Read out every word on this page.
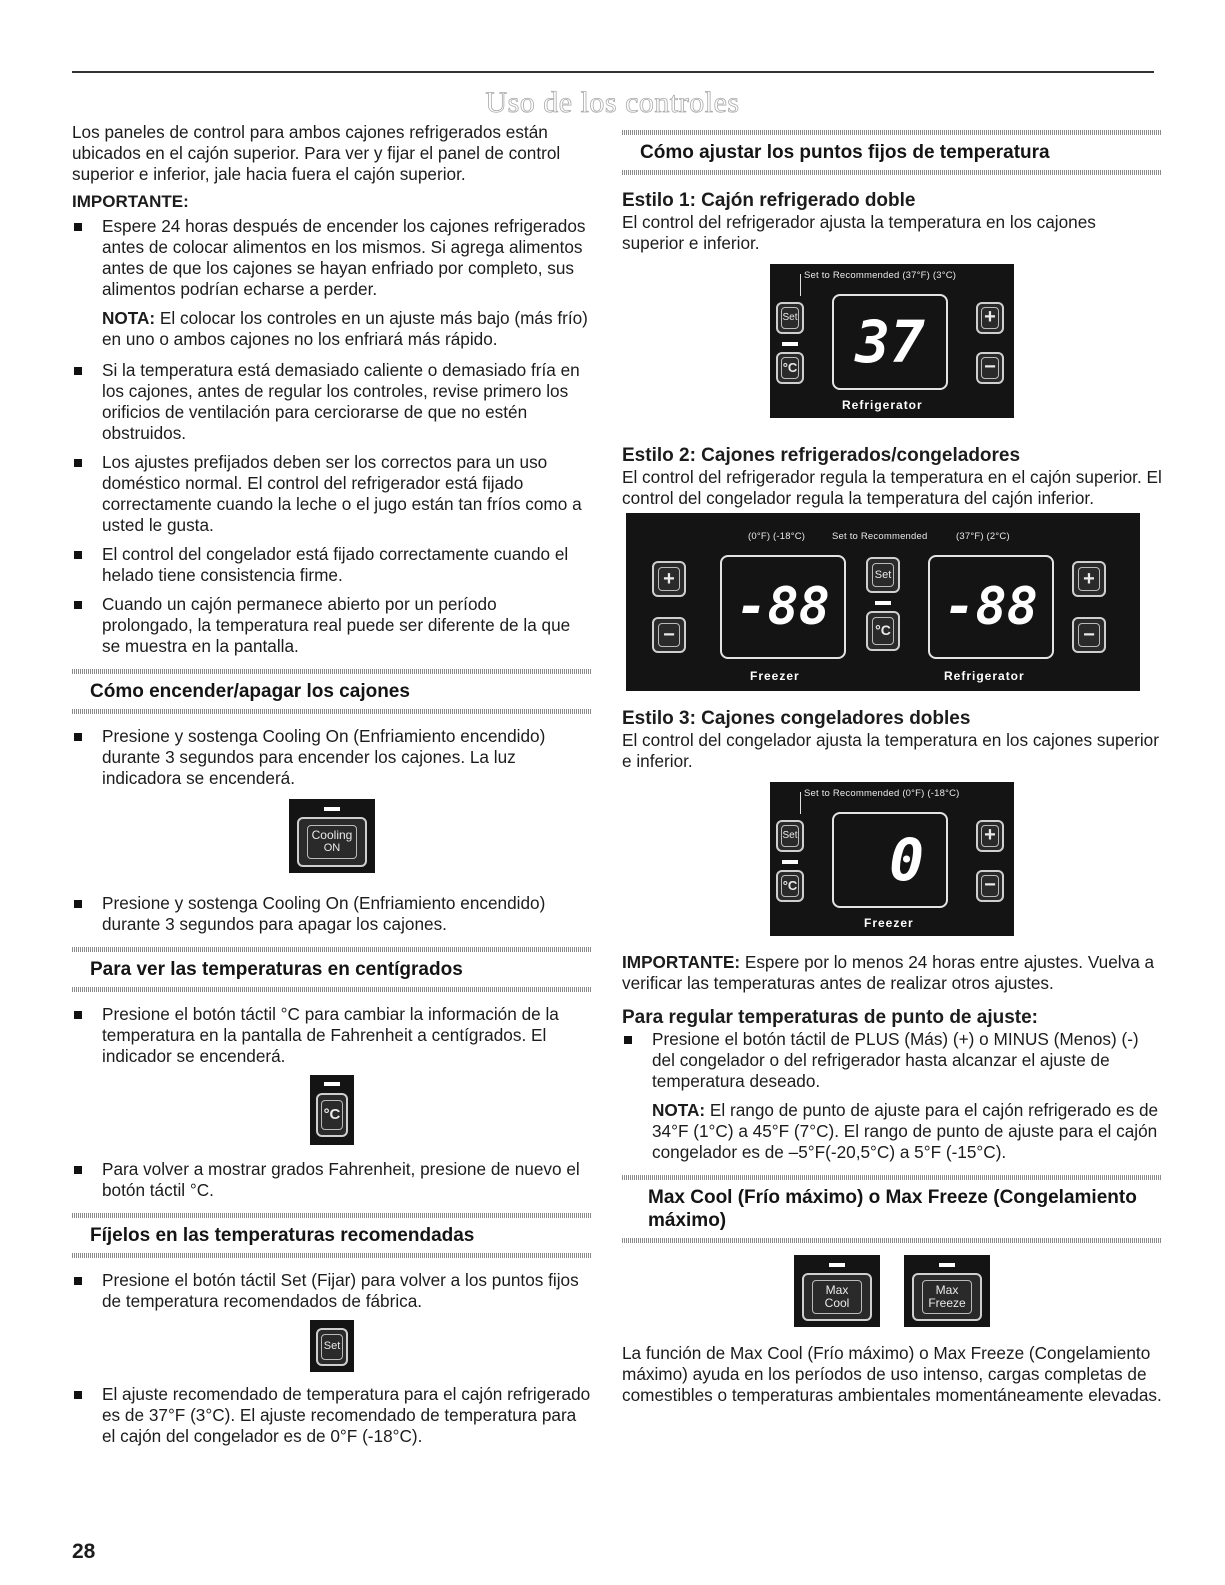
Uso de los controles

Los paneles de control para ambos cajones refrigerados están ubicados en el cajón superior. Para ver y fijar el panel de control superior e inferior, jale hacia fuera el cajón superior.

IMPORTANTE:
Espere 24 horas después de encender los cajones refrigerados antes de colocar alimentos en los mismos. Si agrega alimentos antes de que los cajones se hayan enfriado por completo, sus alimentos podrían echarse a perder.

NOTA: El colocar los controles en un ajuste más bajo (más frío) en uno o ambos cajones no los enfriará más rápido.

Si la temperatura está demasiado caliente o demasiado fría en los cajones, antes de regular los controles, revise primero los orificios de ventilación para cerciorarse de que no estén obstruidos.
Los ajustes prefijados deben ser los correctos para un uso doméstico normal. El control del refrigerador está fijado correctamente cuando la leche o el jugo están tan fríos como a usted le gusta.
El control del congelador está fijado correctamente cuando el helado tiene consistencia firme.
Cuando un cajón permanece abierto por un período prolongado, la temperatura real puede ser diferente de la que se muestra en la pantalla.
Cómo encender/apagar los cajones
Presione y sostenga Cooling On (Enfriamiento encendido) durante 3 segundos para encender los cajones. La luz indicadora se encenderá.
Cooling
ON
Presione y sostenga Cooling On (Enfriamiento encendido) durante 3 segundos para apagar los cajones.
Para ver las temperaturas en centígrados
Presione el botón táctil °C para cambiar la información de la temperatura en la pantalla de Fahrenheit a centígrados. El indicador se encenderá.
°C
Para volver a mostrar grados Fahrenheit, presione de nuevo el botón táctil °C.
Fíjelos en las temperaturas recomendadas
Presione el botón táctil Set (Fijar) para volver a los puntos fijos de temperatura recomendados de fábrica.
Set
El ajuste recomendado de temperatura para el cajón refrigerado es de 37°F (3°C). El ajuste recomendado de temperatura para el cajón del congelador es de 0°F (-18°C).
Cómo ajustar los puntos fijos de temperatura
Estilo 1: Cajón refrigerado doble

El control del refrigerador ajusta la temperatura en los cajones superior e inferior.

Set to Recommended (37°F) (3°C)
Set
°C 37	+
−
Refrigerator
Estilo 2: Cajones refrigerados/congeladores

El control del refrigerador regula la temperatura en el cajón superior. El control del congelador regula la temperatura del cajón inferior.

(0°F) (-18°C)	Set to Recommended	(37°F) (2°C)
+
−	-88
Set
°C	-88	+
−
Freezer	Refrigerator
Estilo 3: Cajones congeladores dobles

El control del congelador ajusta la temperatura en los cajones superior e inferior.

Set to Recommended (0°F) (-18°C)
Set
°C	0	+
−
Freezer

IMPORTANTE: Espere por lo menos 24 horas entre ajustes. Vuelva a verificar las temperaturas antes de realizar otros ajustes.

Para regular temperaturas de punto de ajuste:
Presione el botón táctil de PLUS (Más) (+) o MINUS (Menos) (-) del congelador o del refrigerador hasta alcanzar el ajuste de temperatura deseado.

NOTA: El rango de punto de ajuste para el cajón refrigerado es de 34°F (1°C) a 45°F (7°C). El rango de punto de ajuste para el cajón congelador es de –5°F(-20,5°C) a 5°F (-15°C).

Max Cool (Frío máximo) o Max Freeze (Congelamiento máximo)
Max
Cool
Max
Freeze

La función de Max Cool (Frío máximo) o Max Freeze (Congelamiento máximo) ayuda en los períodos de uso intenso, cargas completas de comestibles o temperaturas ambientales momentáneamente elevadas.

28
